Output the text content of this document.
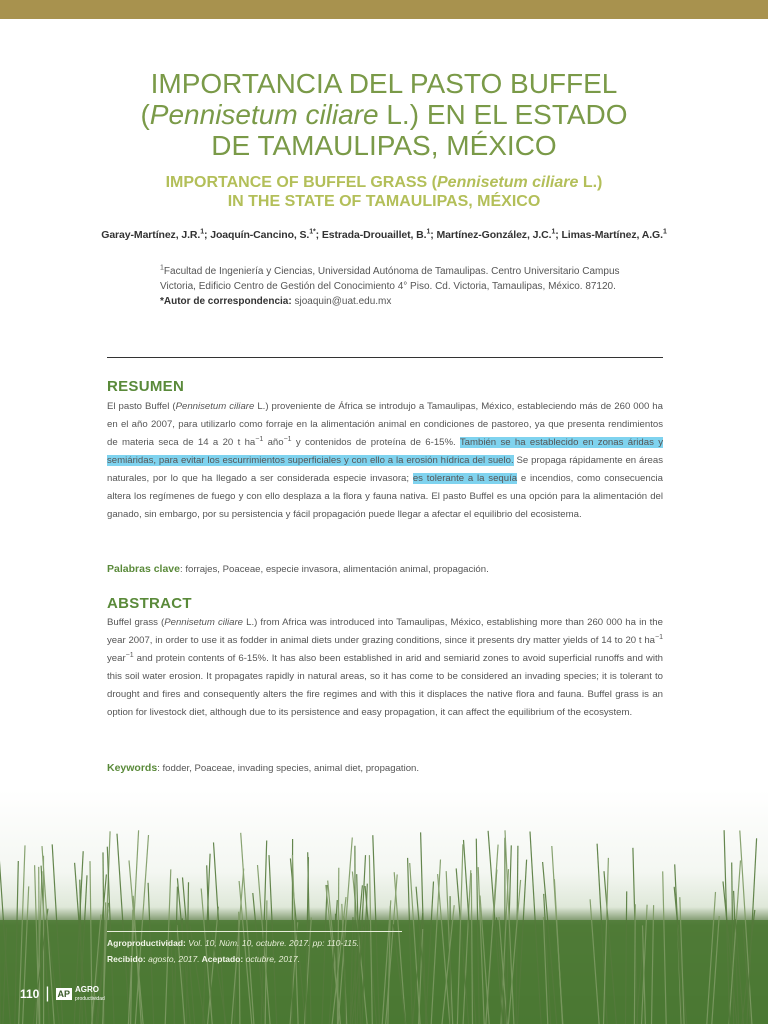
IMPORTANCIA DEL PASTO BUFFEL
(Pennisetum ciliare L.) EN EL ESTADO
DE TAMAULIPAS, MÉXICO
IMPORTANCE OF BUFFEL GRASS (Pennisetum ciliare L.)
IN THE STATE OF TAMAULIPAS, MÉXICO
Garay-Martínez, J.R.$^1$; Joaquín-Cancino, S.$^{1*}$; Estrada-Drouaillet, B.$^1$; Martínez-González, J.C.$^1$; Limas-Martínez, A.G.$^1$
$^1$Facultad de Ingeniería y Ciencias, Universidad Autónoma de Tamaulipas. Centro Universitario Campus Victoria, Edificio Centro de Gestión del Conocimiento 4° Piso. Cd. Victoria, Tamaulipas, México. 87120.
*Autor de correspondencia: sjoaquin@uat.edu.mx
RESUMEN

El pasto Buffel (Pennisetum ciliare L.) proveniente de África se introdujo a Tamaulipas, México, estableciendo más de 260 000 ha en el año 2007, para utilizarlo como forraje en la alimentación animal en condiciones de pastoreo, ya que presenta rendimientos de materia seca de 14 a 20 t $ha^{-1}$ año$^{-1}$ y contenidos de proteína de 6-15%. También se ha establecido en zonas áridas y semiáridas, para evitar los escurrimientos superficiales y con ello a la erosión hídrica del suelo. Se propaga rápidamente en áreas naturales, por lo que ha llegado a ser considerada especie invasora; es tolerante a la sequía e incendios, como consecuencia altera los regímenes de fuego y con ello desplaza a la flora y fauna nativa. El pasto Buffel es una opción para la alimentación del ganado, sin embargo, por su persistencia y fácil propagación puede llegar a afectar el equilibrio del ecosistema.

Palabras clave: forrajes, Poaceae, especie invasora, alimentación animal, propagación.

ABSTRACT

Buffel grass (Pennisetum ciliare L.) from Africa was introduced into Tamaulipas, México, establishing more than 260 000 ha in the year 2007, in order to use it as fodder in animal diets under grazing conditions, since it presents dry matter yields of 14 to 20 t $ha^{-1}$ year$^{-1}$ and protein contents of 6-15%. It has also been established in arid and semiarid zones to avoid superficial runoffs and with this soil water erosion. It propagates rapidly in natural areas, so it has come to be considered an invading species; it is tolerant to drought and fires and consequently alters the fire regimes and with this it displaces the native flora and fauna. Buffel grass is an option for livestock diet, although due to its persistence and easy propagation, it can affect the equilibrium of the ecosystem.

Keywords: fodder, Poaceae, invading species, animal diet, propagation.

Agroproductividad: Vol. 10, Núm. 10, octubre. 2017. pp: 110-115.
Recibido: agosto, 2017. Aceptado: octubre, 2017.
110 | AP AGRO
productividad
